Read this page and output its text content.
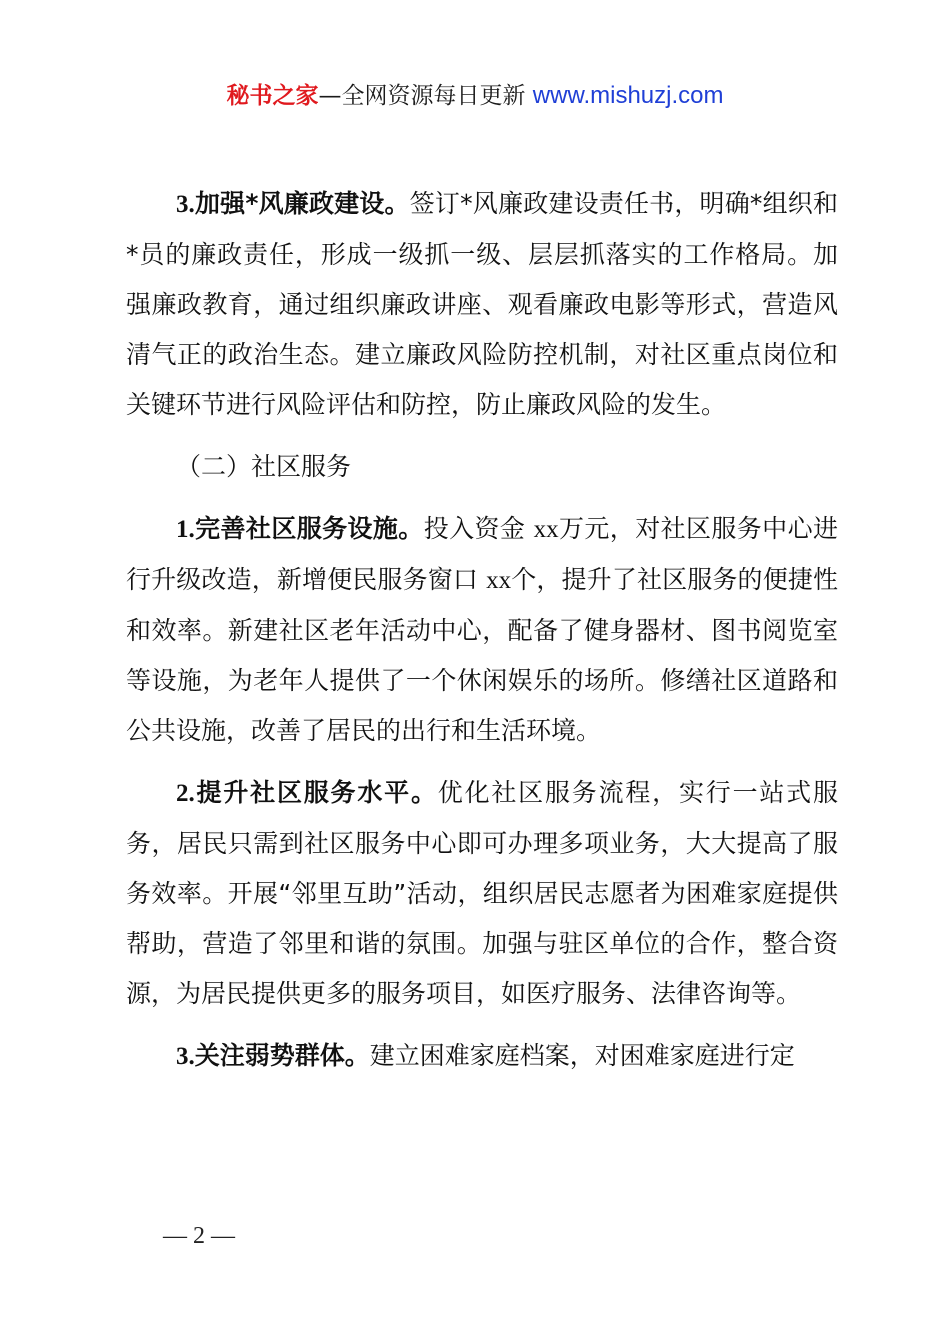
秘书之家—全网资源每日更新 www.mishuzj.com

3.加强*风廉政建设。签订*风廉政建设责任书，明确*组织和*员的廉政责任，形成一级抓一级、层层抓落实的工作格局。加强廉政教育，通过组织廉政讲座、观看廉政电影等形式，营造风清气正的政治生态。建立廉政风险防控机制，对社区重点岗位和关键环节进行风险评估和防控，防止廉政风险的发生。

（二）社区服务

1.完善社区服务设施。投入资金 xx万元，对社区服务中心进行升级改造，新增便民服务窗口 xx个，提升了社区服务的便捷性和效率。新建社区老年活动中心，配备了健身器材、图书阅览室等设施，为老年人提供了一个休闲娱乐的场所。修缮社区道路和公共设施，改善了居民的出行和生活环境。

2.提升社区服务水平。优化社区服务流程，实行一站式服务，居民只需到社区服务中心即可办理多项业务，大大提高了服务效率。开展“邻里互助”活动，组织居民志愿者为困难家庭提供帮助，营造了邻里和谐的氛围。加强与驻区单位的合作，整合资源，为居民提供更多的服务项目，如医疗服务、法律咨询等。

3.关注弱势群体。建立困难家庭档案，对困难家庭进行定

— 2 —
